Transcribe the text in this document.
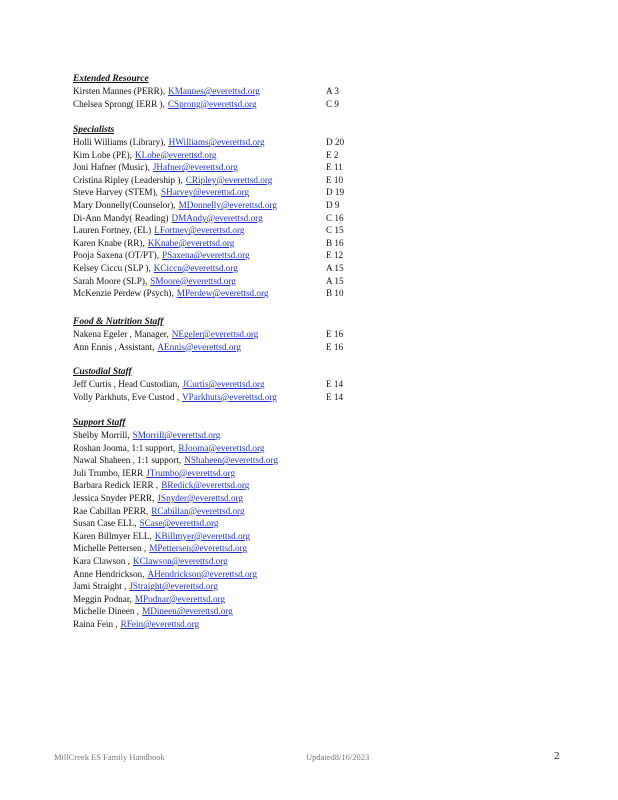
Extended Resource
Kirsten Mannes (PERR), KMannes@everettsd.org	A 3
Chelsea Sprong( IERR ), CSprong@everettsd.org	C 9
Specialists
Holli Williams (Library), HWilliams@everettsd.org	D 20
Kim Lobe (PE), KLobe@everettsd.org	E 2
Joni Hafner (Music), JHafner@everettsd.org	E 11
Cristina Ripley (Leadership ), CRipley@everettsd.org	E 10
Steve Harvey (STEM), SHarvey@everettsd.org	D 19
Mary Donnelly(Counselor), MDonnelly@everettsd.org	D 9
Di-Ann Mandy( Reading) DMAndy@everettsd.org	C 16
Lauren Fortney, (EL) LFortney@everettsd.org	C 15
Karen Knabe (RR), KKnabe@everettsd.org	B 16
Pooja Saxena (OT/PT), PSaxena@everettsd.org	E 12
Kelsey Ciccu (SLP ), KCiccu@everettsd.org	A 15
Sarah Moore (SLP), SMoore@everettsd.org	A 15
McKenzie Perdew (Psych), MPerdew@everettsd.org	B 10
Food & Nutrition Staff
Nakena Egeler , Manager, NEgeler@everettsd.org	E 16
Ann Ennis , Assistant, AEnnis@everettsd.org	E 16
Custodial Staff
Jeff Curtis , Head Custodian, JCurtis@everettsd.org	E 14
Volly Parkhuts, Eve Custod , VParkhuts@everettsd.org	E 14
Support Staff
Shelby Morrill, SMorrill@everettsd.org
Roshan Jooma, 1:1 support, RJooma@everettsd.org
Nawal Shaheen , 1:1 support, NShaheen@everettsd.org
Juli Trumbo, IERR JTrumbo@everettsd.org
Barbara Redick IERR , BRedick@everettsd.org
Jessica Snyder PERR, JSnyder@everettsd.org
Rae Cabillan PERR, RCabillan@everettsd.org
Susan Case ELL, SCase@everettsd.org
Karen Billmyer ELL, KBillmyer@everettsd.org
Michelle Pettersen , MPettersen@everettsd.org
Kara Clawson , KClawson@everettsd.org
Anne Hendrickson, AHendrickson@everettsd.org
Jami Straight , JStraight@everettsd.org
Meggin Podnar, MPodnar@everettsd.org
Michelle Dineen , MDineen@everettsd.org
Raina Fein , RFein@everettsd.org
MillCreek ES Family Handbook	Updated8/16/2023	2
